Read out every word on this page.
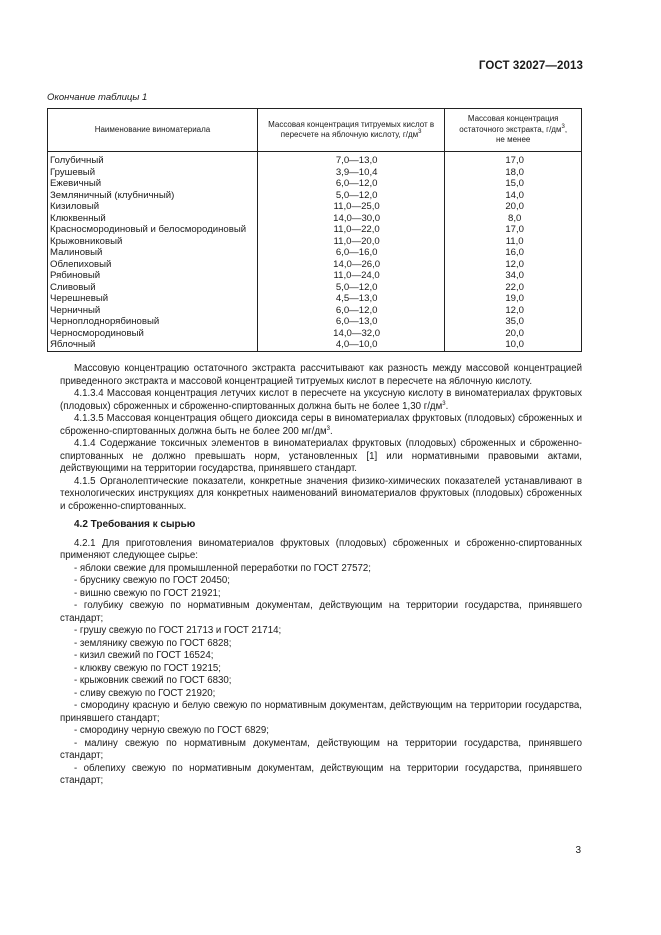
ГОСТ 32027—2013
Окончание таблицы 1
Наименование виноматериала	Массовая концентрация титруемых кислот в пересчете на яблочную кислоту, $г/дм^3$	Массовая концентрация остаточного экстракта, $г/дм^3$,
не менее

Голубичный	7,0—13,0	17,0
Грушевый	3,9—10,4	18,0
Ежевичный	6,0—12,0	15,0
Земляничный (клубничный)	5,0—12,0	14,0
Кизиловый	11,0—25,0	20,0
Клюквенный	14,0—30,0	8,0
Красносмородиновый и белосмородиновый	11,0—22,0	17,0
Крыжовниковый	11,0—20,0	11,0
Малиновый	6,0—16,0	16,0
Облепиховый	14,0—26,0	12,0
Рябиновый	11,0—24,0	34,0
Сливовый	5,0—12,0	22,0
Черешневый	4,5—13,0	19,0
Черничный	6,0—12,0	12,0
Черноплоднорябиновый	6,0—13,0	35,0
Черносмородиновый	14,0—32,0	20,0
Яблочный	4,0—10,0	10,0

Массовую концентрацию остаточного экстракта рассчитывают как разность между массовой концентрацией приведенного экстракта и массовой концентрацией титруемых кислот в пересчете на яблочную кислоту.

4.1.3.4 Массовая концентрация летучих кислот в пересчете на уксусную кислоту в виноматериалах фруктовых (плодовых) сброженных и сброженно-спиртованных должна быть не более 1,30 $г/дм^3$.

4.1.3.5 Массовая концентрация общего диоксида серы в виноматериалах фруктовых (плодовых) сброженных и сброженно-спиртованных должна быть не более 200 $мг/дм^3$.

4.1.4 Содержание токсичных элементов в виноматериалах фруктовых (плодовых) сброженных и сброженно-спиртованных не должно превышать норм, установленных [1] или нормативными правовыми актами, действующими на территории государства, принявшего стандарт.

4.1.5 Органолептические показатели, конкретные значения физико-химических показателей устанавливают в технологических инструкциях для конкретных наименований виноматериалов фруктовых (плодовых) сброженных и сброженно-спиртованных.

4.2 Требования к сырью

4.2.1 Для приготовления виноматериалов фруктовых (плодовых) сброженных и сброженно-спиртованных применяют следующее сырье:

- яблоки свежие для промышленной переработки по ГОСТ 27572;

- бруснику свежую по ГОСТ 20450;

- вишню свежую по ГОСТ 21921;

- голубику свежую по нормативным документам, действующим на территории государства, принявшего стандарт;

- грушу свежую по ГОСТ 21713 и ГОСТ 21714;

- землянику свежую по ГОСТ 6828;

- кизил свежий по ГОСТ 16524;

- клюкву свежую по ГОСТ 19215;

- крыжовник свежий по ГОСТ 6830;

- сливу свежую по ГОСТ 21920;

- смородину красную и белую свежую по нормативным документам, действующим на территории государства, принявшего стандарт;

- смородину черную свежую по ГОСТ 6829;

- малину свежую по нормативным документам, действующим на территории государства, принявшего стандарт;

- облепиху свежую по нормативным документам, действующим на территории государства, принявшего стандарт;

3
